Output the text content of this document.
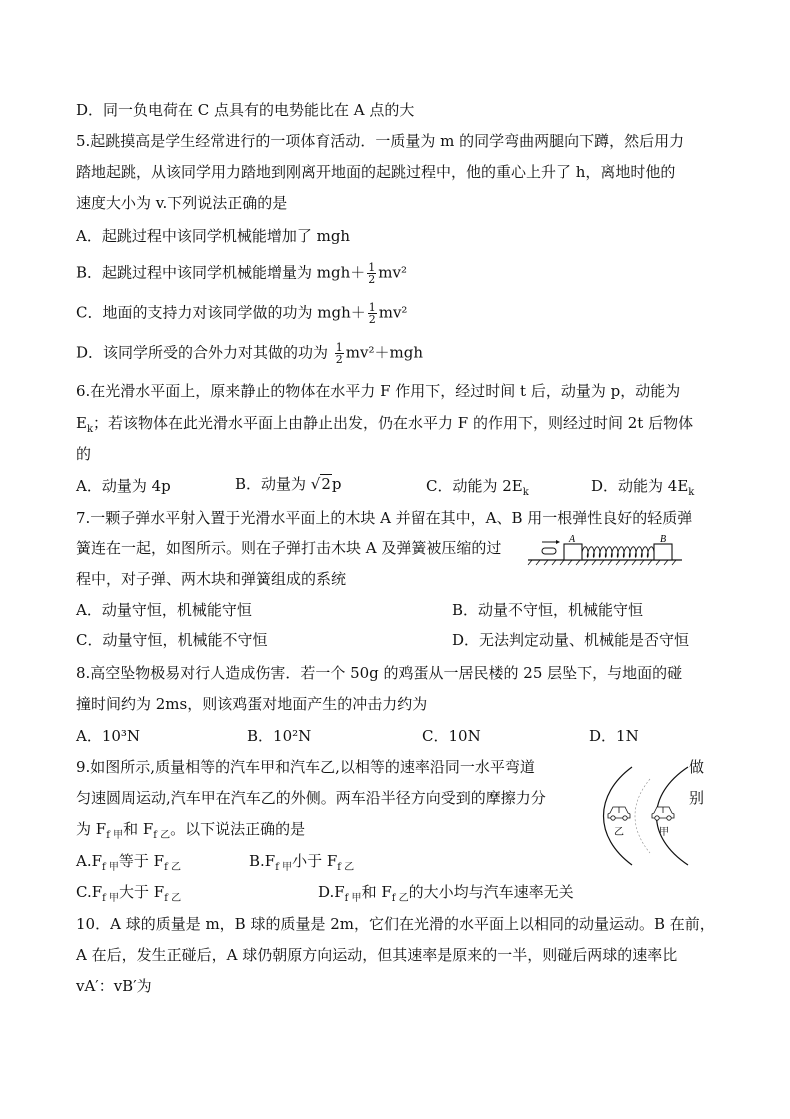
D．同一负电荷在 C 点具有的电势能比在 A 点的大
5.起跳摸高是学生经常进行的一项体育活动．一质量为 m 的同学弯曲两腿向下蹲，然后用力
踏地起跳，从该同学用力踏地到刚离开地面的起跳过程中，他的重心上升了 h，离地时他的
速度大小为 v.下列说法正确的是
A．起跳过程中该同学机械能增加了 mgh
B．起跳过程中该同学机械能增量为 $mgh+ \frac{1}{2} mv^2$
C．地面的支持力对该同学做的功为 $mgh+ \frac{1}{2} mv^2$
D．该同学所受的合外力对其做的功为 $\frac{1}{2} mv^2+mgh$
6.在光滑水平面上，原来静止的物体在水平力 F 作用下，经过时间 t 后，动量为 p，动能为
$E_k$；若该物体在此光滑水平面上由静止出发，仍在水平力 F 的作用下，则经过时间 2t 后物体
的
A．动量为 4p	B．动量为 √2p	C．动能为 $2E_k$	D．动能为 $4E_k$
7.一颗子弹水平射入置于光滑水平面上的木块 A 并留在其中，A、B 用一根弹性良好的轻质弹
簧连在一起，如图所示。则在子弹打击木块 A 及弹簧被压缩的过
程中，对子弹、两木块和弹簧组成的系统
A	B
A．动量守恒，机械能守恒	B．动量不守恒，机械能守恒
C．动量守恒，机械能不守恒	D．无法判定动量、机械能是否守恒
8.高空坠物极易对行人造成伤害．若一个 50g 的鸡蛋从一居民楼的 25 层坠下，与地面的碰
撞时间约为 2ms，则该鸡蛋对地面产生的冲击力约为
A．10³N	B．10²N	C．10N	D．1N
9.如图所示,质量相等的汽车甲和汽车乙,以相等的速率沿同一水平弯道	做
匀速圆周运动,汽车甲在汽车乙的外侧。两车沿半径方向受到的摩擦力分	别
为 $F_{f 甲}$和 $F_{f 乙}$。以下说法正确的是	乙	甲
$A.F_{f 甲}$等于 $F_{f 乙}$	$B.F_{f 甲}$小于 $F_{f 乙}$
$C.F_{f 甲}$大于 $F_{f 乙}$	$D.F_{f 甲}$和 $F_{f 乙}$的大小均与汽车速率无关
10．A 球的质量是 m，B 球的质量是 2m，它们在光滑的水平面上以相同的动量运动。B 在前，
A 在后，发生正碰后，A 球仍朝原方向运动，但其速率是原来的一半，则碰后两球的速率比
vA′：vB′为
